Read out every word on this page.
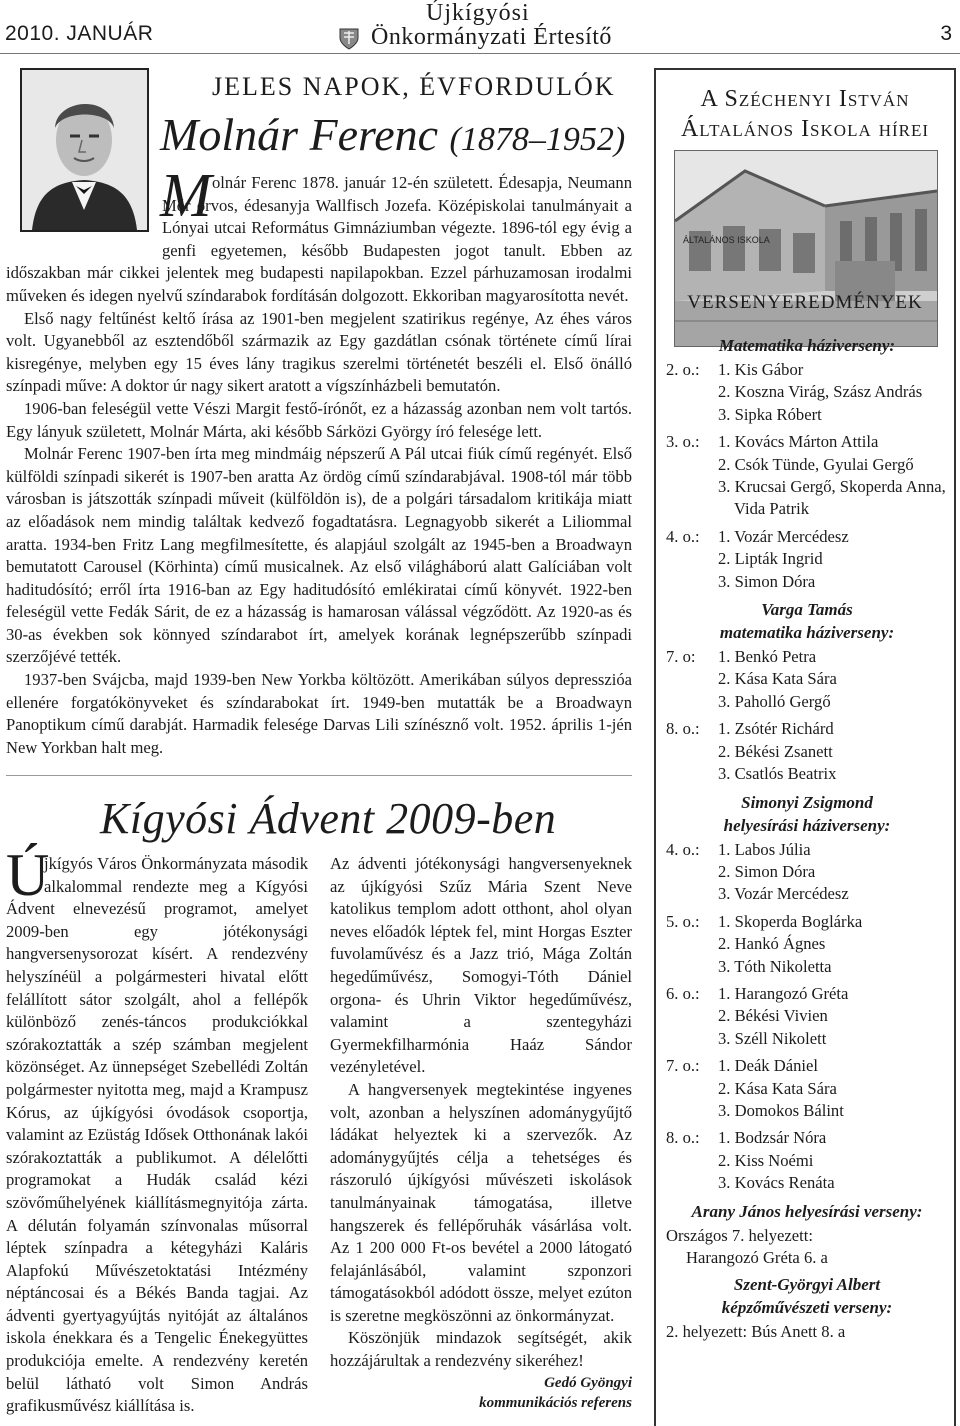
2010. JANUÁR
Újkígyósi
Önkormányzati Értesítő	3
JELES NAPOK, ÉVFORDULÓK
Molnár Ferenc (1878–1952)
M olnár Ferenc 1878. január 12-én született. Édesapja, Neumann Mór orvos, édesanyja Wallfisch Jozefa. Középiskolai tanulmányait a Lónyai utcai Református Gimnáziumban végezte. 1896-tól egy évig a genfi egyetemen, később Budapesten jogot tanult. Ebben az időszakban már cikkei jelentek meg budapesti napilapokban. Ezzel párhuzamosan irodalmi műveken és idegen nyelvű színdarabok fordításán dolgozott. Ekkoriban magyarosította nevét.

Első nagy feltűnést keltő írása az 1901-ben megjelent szatirikus regénye, Az éhes város volt. Ugyanebből az esztendőből származik az Egy gazdátlan csónak története című lírai kisregénye, melyben egy 15 éves lány tragikus szerelmi történetét beszéli el. Első önálló színpadi műve: A doktor úr nagy sikert aratott a vígszínházbeli bemutatón.

1906-ban feleségül vette Vészi Margit festő-írónőt, ez a házasság azonban nem volt tartós. Egy lányuk született, Molnár Márta, aki később Sárközi György író felesége lett.

Molnár Ferenc 1907-ben írta meg mindmáig népszerű A Pál utcai fiúk című regényét. Első külföldi színpadi sikerét is 1907-ben aratta Az ördög című színdarabjával. 1908-tól már több városban is játszották színpadi műveit (külföldön is), de a polgári társadalom kritikája miatt az előadások nem mindig találtak kedvező fogadtatásra. Legnagyobb sikerét a Liliommal aratta. 1934-ben Fritz Lang megfilmesítette, és alapjául szolgált az 1945-ben a Broadwayn bemutatott Carousel (Körhinta) című musicalnek. Az első világháború alatt Galíciában volt haditudósító; erről írta 1916-ban az Egy haditudósító emlékiratai című könyvét. 1922-ben feleségül vette Fedák Sárit, de ez a házasság is hamarosan válással végződött. Az 1920-as és 30-as években sok könnyed színdarabot írt, amelyek korának legnépszerűbb színpadi szerzőjévé tették.

1937-ben Svájcba, majd 1939-ben New Yorkba költözött. Amerikában súlyos depresszióa ellenére forgatókönyveket és színdarabokat írt. 1949-ben mutatták be a Broadwayn Panoptikum című darabját. Harmadik felesége Darvas Lili színésznő volt. 1952. április 1-jén New Yorkban halt meg.

Kígyósi Ádvent 2009-ben
Ú

jkígyós Város Önkormányzata második alkalommal rendezte meg a Kígyósi Ádvent elnevezésű programot, amelyet 2009-ben egy jótékonysági hangversenysorozat kísért. A rendezvény helyszínéül a polgármesteri hivatal előtt felállított sátor szolgált, ahol a fellépők különböző zenés-táncos produkciókkal szórakoztatták a szép számban megjelent közönséget. Az ünnepséget Szebellédi Zoltán polgármester nyitotta meg, majd a Krampusz Kórus, az újkígyósi óvodások csoportja, valamint az Ezüstág Idősek Otthonának lakói szórakoztatták a publikumot. A délelőtti programokat a Hudák család kézi szövőműhelyének kiállításmegnyitója zárta. A délután folyamán színvonalas műsorral léptek színpadra a kétegyházi Kaláris Alapfokú Művészetoktatási Intézmény néptáncosai és a Békés Banda tagjai. Az ádventi gyertyagyújtás nyitóját az általános iskola énekkara és a Tengelic Énekegyüttes produkciója emelte. A rendezvény keretén belül látható volt Simon András grafikusművész kiállítása is.

Az ádventi jótékonysági hangversenyeknek az újkígyósi Szűz Mária Szent Neve katolikus templom adott otthont, ahol olyan neves előadók léptek fel, mint Horgas Eszter fuvolaművész és a Jazz trió, Mága Zoltán hegedűművész, Somogyi-Tóth Dániel orgona- és Uhrin Viktor hegedűművész, valamint a szentegyházi Gyermekfilharmónia Haáz Sándor vezényletével.

A hangversenyek megtekintése ingyenes volt, azonban a helyszínen adománygyűjtő ládákat helyeztek ki a szervezők. Az adománygyűjtés célja a tehetséges és rászoruló újkígyósi művészeti iskolások tanulmányainak támogatása, illetve hangszerek és fellépőruhák vásárlása volt. Az 1 200 000 Ft-os bevétel a 2000 látogató felajánlásából, valamint szponzori támogatásokból adódott össze, melyet ezúton is szeretne megköszönni az önkormányzat.

Köszönjük mindazok segítségét, akik hozzájárultak a rendezvény sikeréhez!

Gedó Gyöngyi
kommunikációs referens
A Széchenyi István
Általános Iskola hírei
ÁLTALÁNOS ISKOLA
VERSENYEREDMÉNYEK
Matematika háziverseny:
2. o.:	1. Kis Gábor
2. Koszna Virág, Szász András
3. Sipka Róbert
3. o.:	1. Kovács Márton Attila
2. Csók Tünde, Gyulai Gergő
3. Krucsai Gergő, Skoperda Anna, Vida Patrik
4. o.:	1. Vozár Mercédesz
2. Lipták Ingrid
3. Simon Dóra
Varga Tamás
matematika háziverseny:
7. o:	1. Benkó Petra
2. Kása Kata Sára
3. Paholló Gergő
8. o.:	1. Zsótér Richárd
2. Békési Zsanett
3. Csatlós Beatrix
Simonyi Zsigmond
helyesírási háziverseny:
4. o.:	1. Labos Júlia
2. Simon Dóra
3. Vozár Mercédesz
5. o.:	1. Skoperda Boglárka
2. Hankó Ágnes
3. Tóth Nikoletta
6. o.:	1. Harangozó Gréta
2. Békési Vivien
3. Széll Nikolett
7. o.:	1. Deák Dániel
2. Kása Kata Sára
3. Domokos Bálint
8. o.:	1. Bodzsár Nóra
2. Kiss Noémi
3. Kovács Renáta
Arany János helyesírási verseny:
Országos 7. helyezett:
Harangozó Gréta 6. a
Szent-Györgyi Albert
képzőművészeti verseny:
2. helyezett: Bús Anett 8. a
